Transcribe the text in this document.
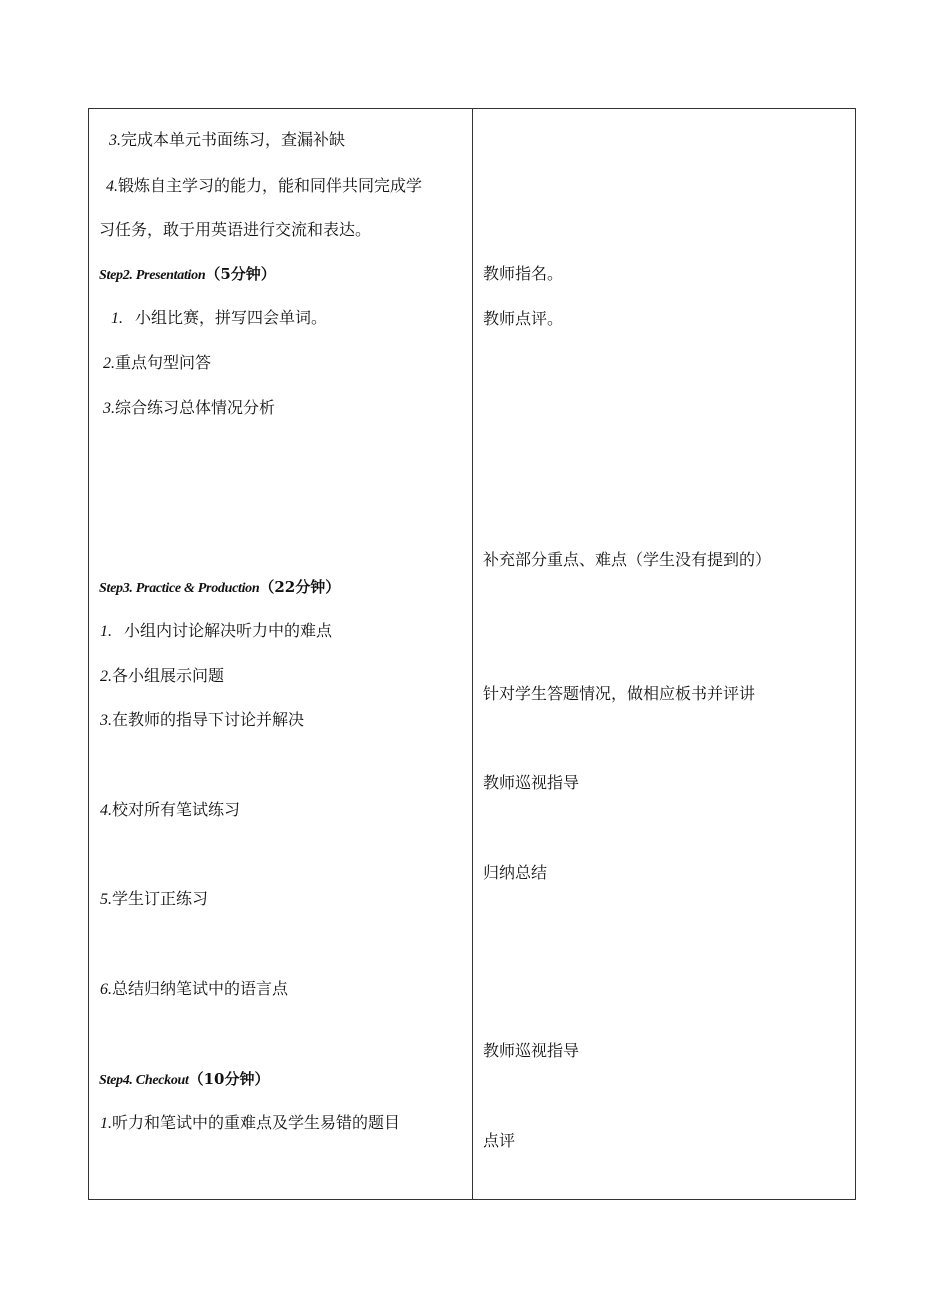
3.完成本单元书面练习，查漏补缺
4.锻炼自主学习的能力，能和同伴共同完成学
习任务，敢于用英语进行交流和表达。
Step2. Presentation（5分钟）
1. 小组比赛，拼写四会单词。
2.重点句型问答
3.综合练习总体情况分析
Step3. Practice & Production（22分钟）
1. 小组内讨论解决听力中的难点
2.各小组展示问题
3.在教师的指导下讨论并解决
4.校对所有笔试练习
5.学生订正练习
6.总结归纳笔试中的语言点
Step4. Checkout（10分钟）
1.听力和笔试中的重难点及学生易错的题目
教师指名。
教师点评。
补充部分重点、难点（学生没有提到的）
针对学生答题情况，做相应板书并评讲
教师巡视指导
归纳总结
教师巡视指导
点评
